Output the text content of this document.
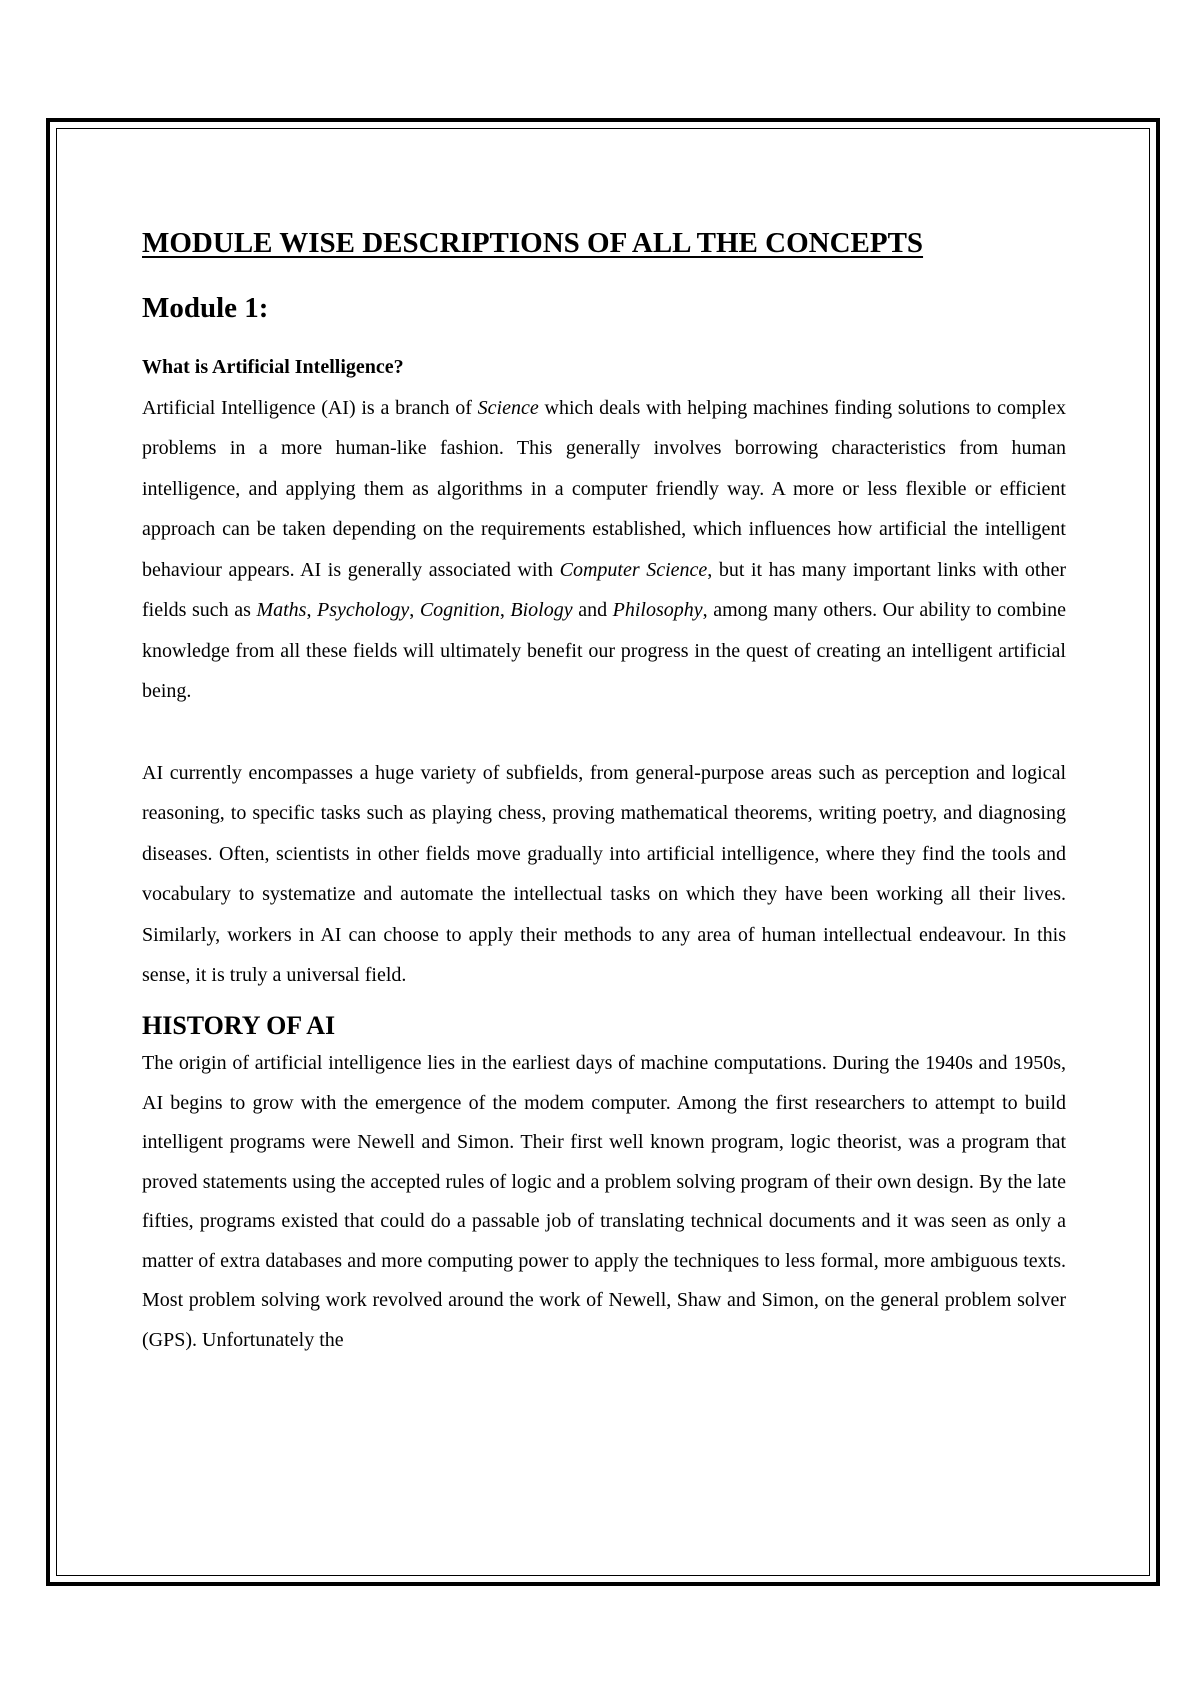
MODULE WISE DESCRIPTIONS OF ALL THE CONCEPTS
Module 1:
What is Artificial Intelligence?

Artificial Intelligence (AI) is a branch of Science which deals with helping machines finding solutions to complex problems in a more human-like fashion. This generally involves borrowing characteristics from human intelligence, and applying them as algorithms in a computer friendly way. A more or less flexible or efficient approach can be taken depending on the requirements established, which influences how artificial the intelligent behaviour appears. AI is generally associated with Computer Science, but it has many important links with other fields such as Maths, Psychology, Cognition, Biology and Philosophy, among many others. Our ability to combine knowledge from all these fields will ultimately benefit our progress in the quest of creating an intelligent artificial being.

AI currently encompasses a huge variety of subfields, from general-purpose areas such as perception and logical reasoning, to specific tasks such as playing chess, proving mathematical theorems, writing poetry, and diagnosing diseases. Often, scientists in other fields move gradually into artificial intelligence, where they find the tools and vocabulary to systematize and automate the intellectual tasks on which they have been working all their lives. Similarly, workers in AI can choose to apply their methods to any area of human intellectual endeavour. In this sense, it is truly a universal field.

HISTORY OF AI

The origin of artificial intelligence lies in the earliest days of machine computations. During the 1940s and 1950s, AI begins to grow with the emergence of the modem computer. Among the first researchers to attempt to build intelligent programs were Newell and Simon. Their first well known program, logic theorist, was a program that proved statements using the accepted rules of logic and a problem solving program of their own design. By the late fifties, programs existed that could do a passable job of translating technical documents and it was seen as only a matter of extra databases and more computing power to apply the techniques to less formal, more ambiguous texts. Most problem solving work revolved around the work of Newell, Shaw and Simon, on the general problem solver (GPS). Unfortunately the
